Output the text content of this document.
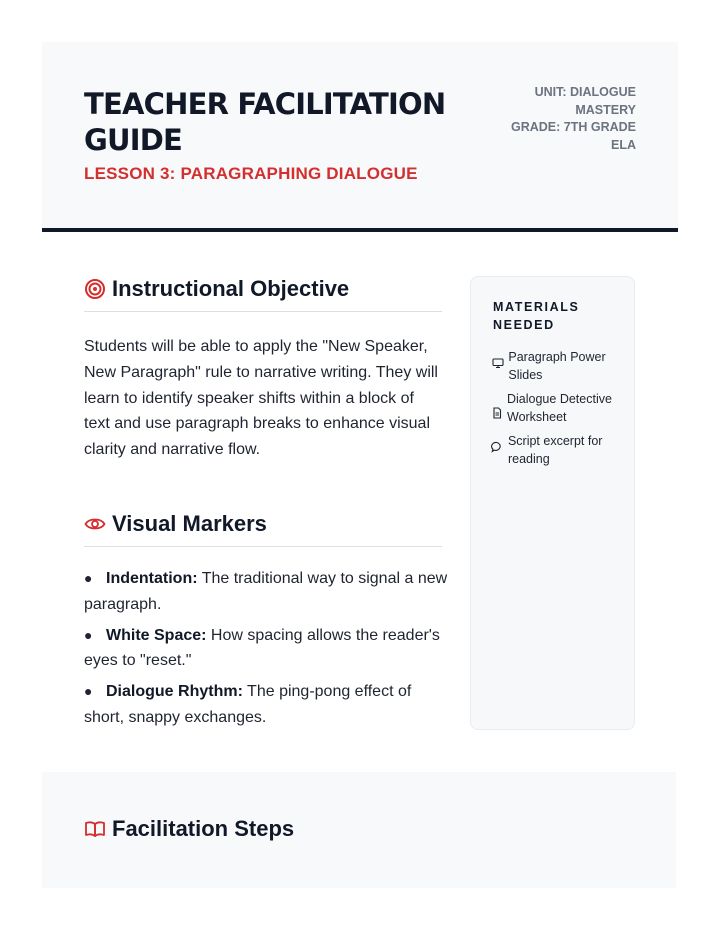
TEACHER FACILITATION GUIDE
LESSON 3: PARAGRAPHING DIALOGUE
UNIT: DIALOGUE MASTERY
GRADE: 7TH GRADE ELA
Instructional Objective

Students will be able to apply the "New Speaker, New Paragraph" rule to narrative writing. They will learn to identify speaker shifts within a block of text and use paragraph breaks to enhance visual clarity and narrative flow.

Visual Markers
● Indentation: The traditional way to signal a new paragraph.
● White Space: How spacing allows the reader's eyes to "reset."
● Dialogue Rhythm: The ping-pong effect of short, snappy exchanges.
MATERIALS NEEDED
Paragraph Power Slides
Dialogue Detective Worksheet
Script excerpt for reading
Facilitation Steps
